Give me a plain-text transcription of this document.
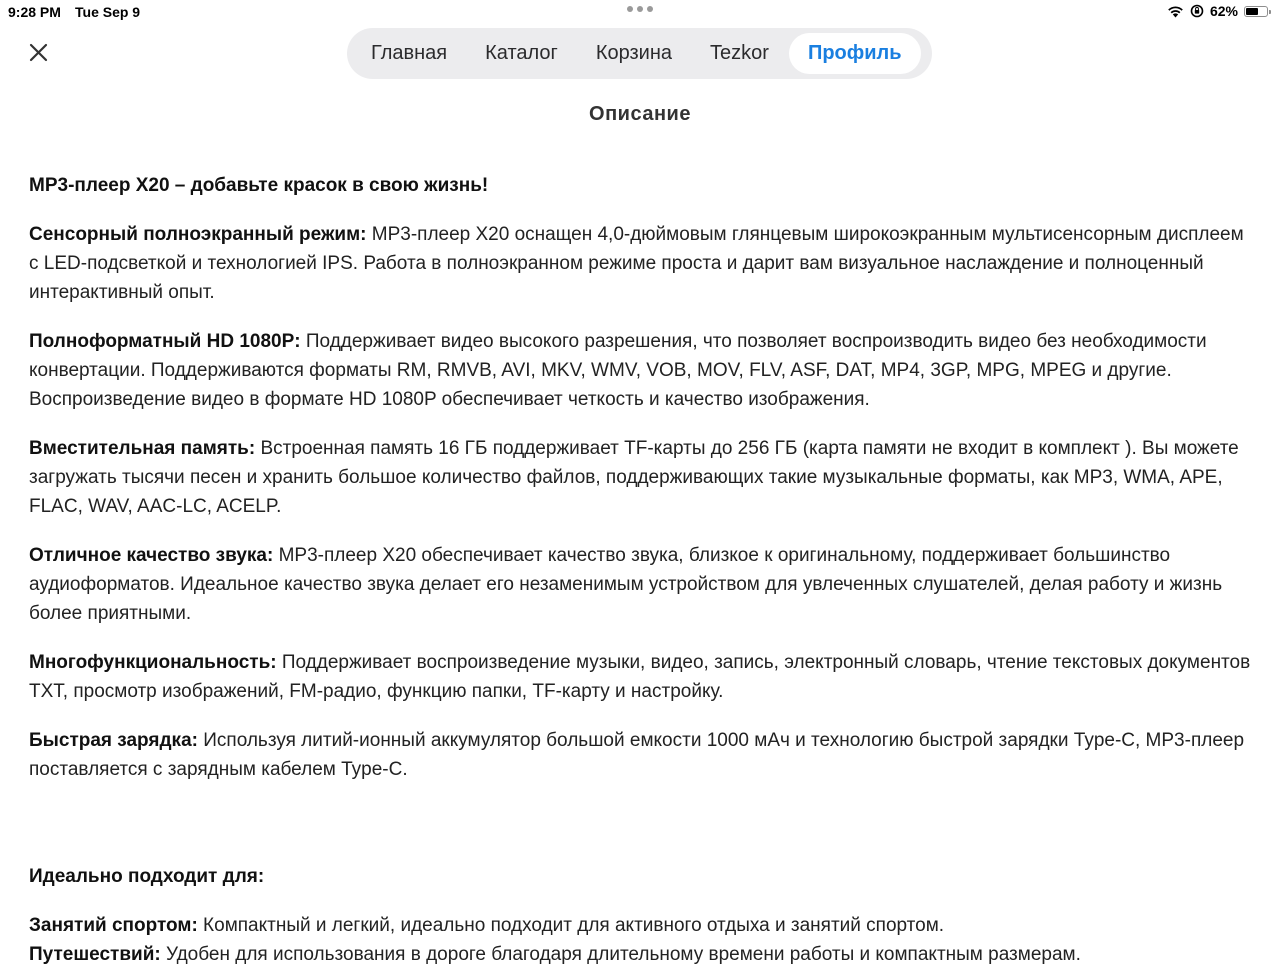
9:28 PM Tue Sep 9	62%
Главная	Каталог	Корзина	Tezkor	Профиль
Описание

MP3-плеер X20 – добавьте красок в свою жизнь!

Сенсорный полноэкранный режим: MP3-плеер X20 оснащен 4,0-дюймовым глянцевым широкоэкранным мультисенсорным дисплеем с LED-подсветкой и технологией IPS. Работа в полноэкранном режиме проста и дарит вам визуальное наслаждение и полноценный интерактивный опыт.

Полноформатный HD 1080P: Поддерживает видео высокого разрешения, что позволяет воспроизводить видео без необходимости конвертации. Поддерживаются форматы RM, RMVB, AVI, MKV, WMV, VOB, MOV, FLV, ASF, DAT, MP4, 3GP, MPG, MPEG и другие. Воспроизведение видео в формате HD 1080P обеспечивает четкость и качество изображения.

Вместительная память: Встроенная память 16 ГБ поддерживает TF-карты до 256 ГБ (карта памяти не входит в комплект ). Вы можете загружать тысячи песен и хранить большое количество файлов, поддерживающих такие музыкальные форматы, как MP3, WMA, APE, FLAC, WAV, AAC-LC, ACELP.

Отличное качество звука: MP3-плеер X20 обеспечивает качество звука, близкое к оригинальному, поддерживает большинство аудиоформатов. Идеальное качество звука делает его незаменимым устройством для увлеченных слушателей, делая работу и жизнь более приятными.

Многофункциональность: Поддерживает воспроизведение музыки, видео, запись, электронный словарь, чтение текстовых документов TXT, просмотр изображений, FM-радио, функцию папки, TF-карту и настройку.

Быстрая зарядка: Используя литий-ионный аккумулятор большой емкости 1000 мАч и технологию быстрой зарядки Type-C, MP3-плеер поставляется с зарядным кабелем Type-C.

Идеально подходит для:

Занятий спортом: Компактный и легкий, идеально подходит для активного отдыха и занятий спортом.

Путешествий: Удобен для использования в дороге благодаря длительному времени работы и компактным размерам.
